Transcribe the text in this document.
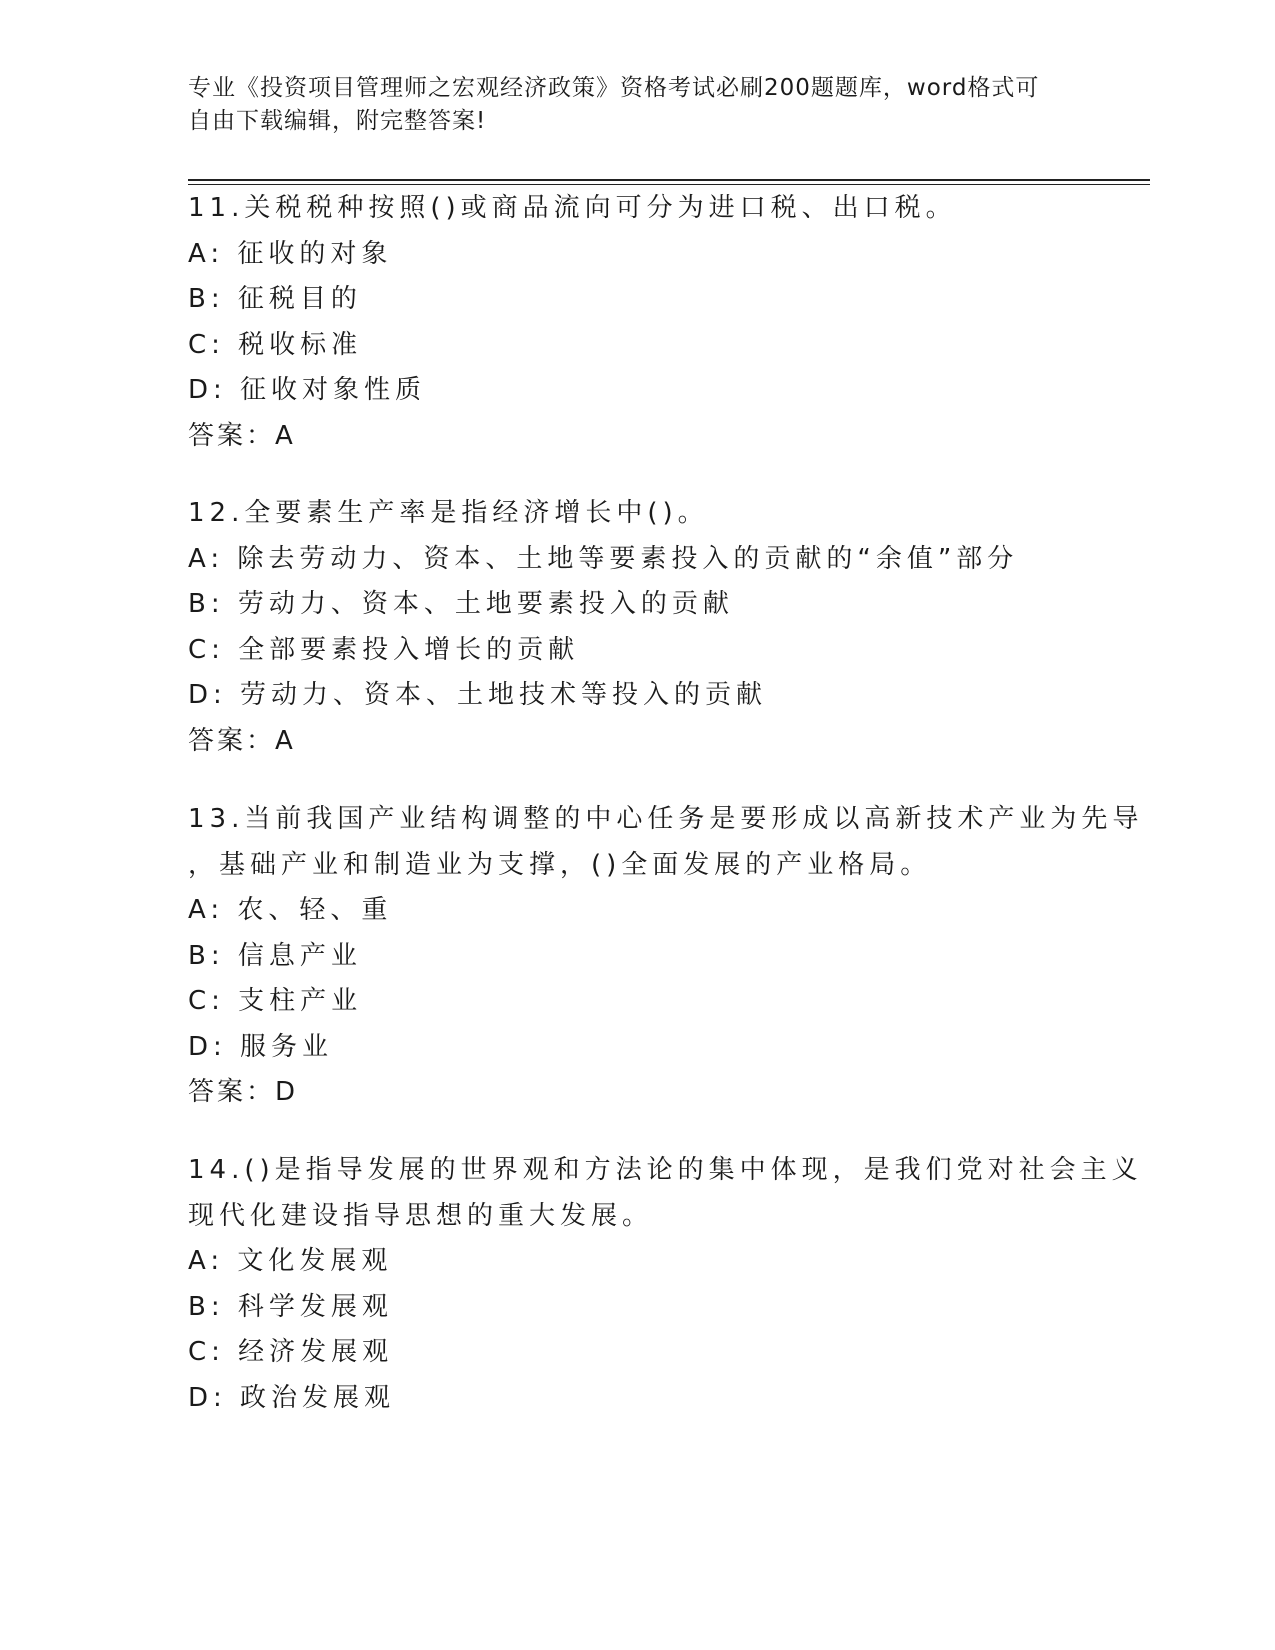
专业《投资项目管理师之宏观经济政策》资格考试必刷200题题库，word格式可
自由下载编辑，附完整答案!
11.关税税种按照()或商品流向可分为进口税、出口税。
A: 征收的对象
B: 征税目的
C: 税收标准
D: 征收对象性质
答案：A
12.全要素生产率是指经济增长中()。
A: 除去劳动力、资本、土地等要素投入的贡献的“余值”部分
B: 劳动力、资本、土地要素投入的贡献
C: 全部要素投入增长的贡献
D: 劳动力、资本、土地技术等投入的贡献
答案：A
13.当前我国产业结构调整的中心任务是要形成以高新技术产业为先导
，基础产业和制造业为支撑，()全面发展的产业格局。
A: 农、轻、重
B: 信息产业
C: 支柱产业
D: 服务业
答案：D
14.()是指导发展的世界观和方法论的集中体现，是我们党对社会主义
现代化建设指导思想的重大发展。
A: 文化发展观
B: 科学发展观
C: 经济发展观
D: 政治发展观
